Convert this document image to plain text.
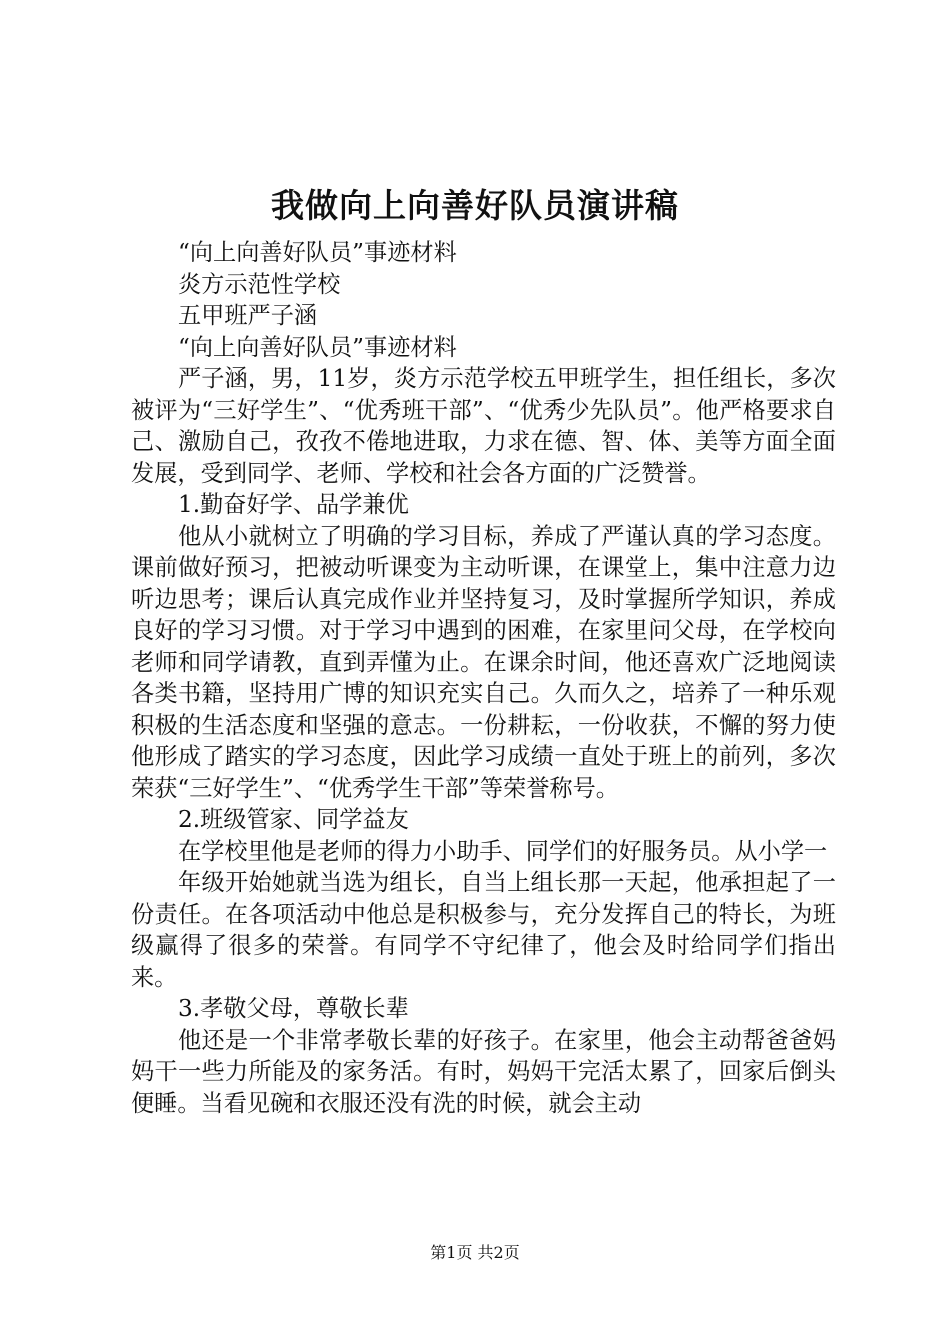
我做向上向善好队员演讲稿

“向上向善好队员”事迹材料

炎方示范性学校

五甲班严子涵

“向上向善好队员”事迹材料

严子涵，男，11岁，炎方示范学校五甲班学生，担任组长，多次被评为“三好学生”、“优秀班干部”、“优秀少先队员”。他严格要求自己、激励自己，孜孜不倦地进取，力求在德、智、体、美等方面全面发展，受到同学、老师、学校和社会各方面的广泛赞誉。

1.勤奋好学、品学兼优

他从小就树立了明确的学习目标，养成了严谨认真的学习态度。课前做好预习，把被动听课变为主动听课，在课堂上，集中注意力边听边思考；课后认真完成作业并坚持复习，及时掌握所学知识，养成良好的学习习惯。对于学习中遇到的困难，在家里问父母，在学校向老师和同学请教，直到弄懂为止。在课余时间，他还喜欢广泛地阅读各类书籍，坚持用广博的知识充实自己。久而久之，培养了一种乐观积极的生活态度和坚强的意志。一份耕耘，一份收获，不懈的努力使他形成了踏实的学习态度，因此学习成绩一直处于班上的前列，多次荣获“三好学生”、“优秀学生干部”等荣誉称号。

2.班级管家、同学益友

在学校里他是老师的得力小助手、同学们的好服务员。从小学一

年级开始她就当选为组长，自当上组长那一天起，他承担起了一份责任。在各项活动中他总是积极参与，充分发挥自己的特长，为班级赢得了很多的荣誉。有同学不守纪律了，他会及时给同学们指出来。

3.孝敬父母，尊敬长辈

他还是一个非常孝敬长辈的好孩子。在家里，他会主动帮爸爸妈妈干一些力所能及的家务活。有时，妈妈干完活太累了，回家后倒头便睡。当看见碗和衣服还没有洗的时候，就会主动

第1页 共2页
